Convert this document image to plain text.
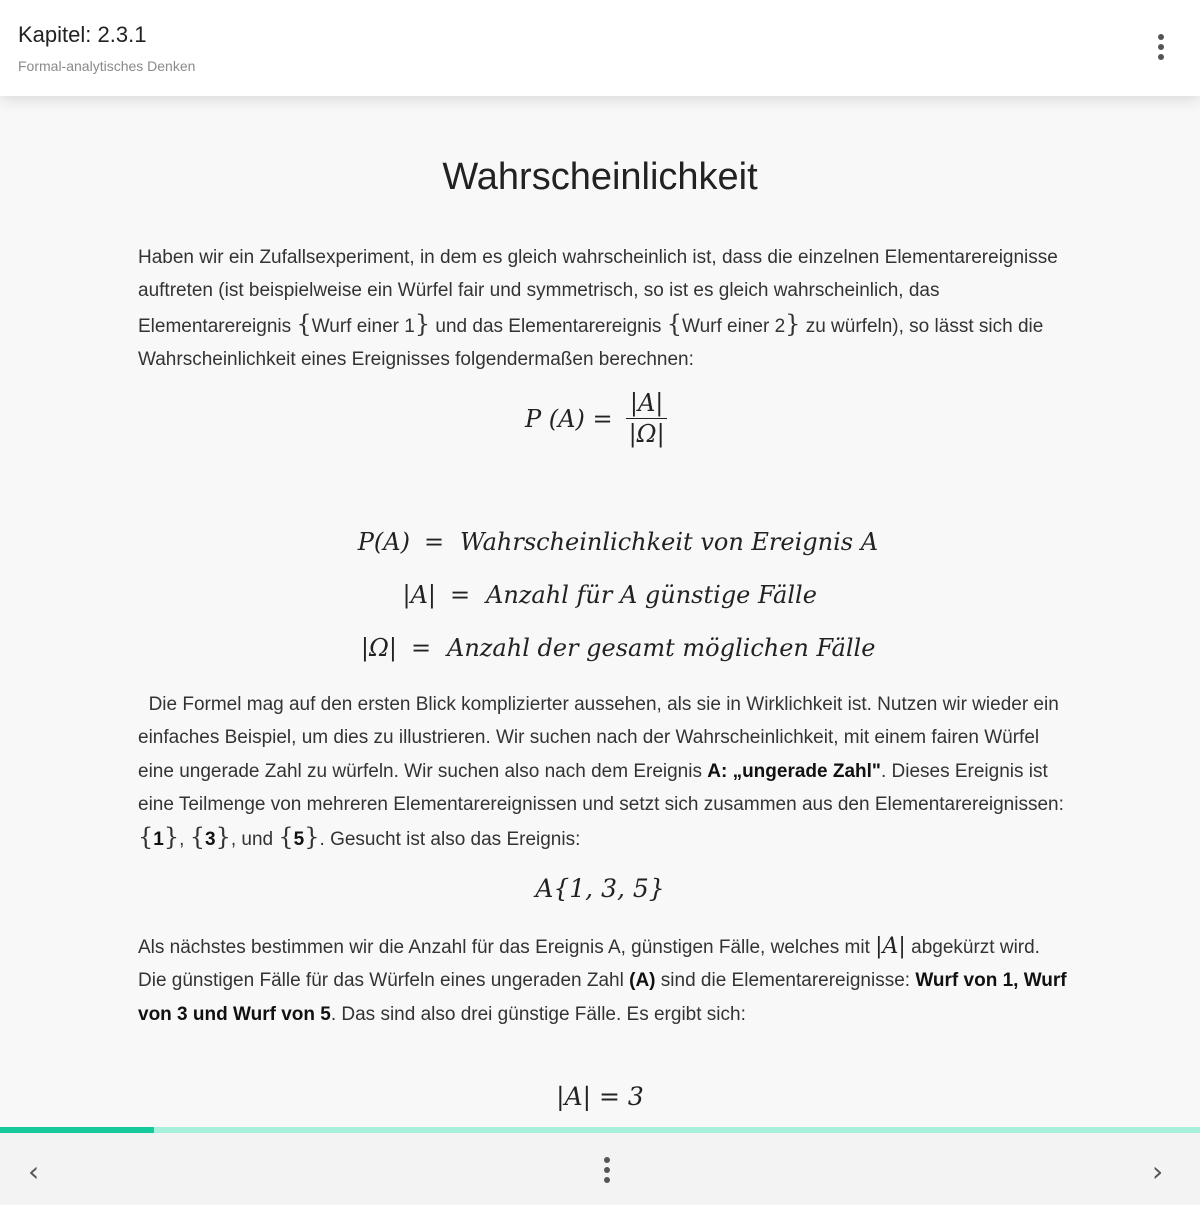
Kapitel: 2.3.1
Formal-analytisches Denken
Wahrscheinlichkeit
Haben wir ein Zufallsexperiment, in dem es gleich wahrscheinlich ist, dass die einzelnen Elementarereignisse auftreten (ist beispielweise ein Würfel fair und symmetrisch, so ist es gleich wahrscheinlich, das Elementarereignis {Wurf einer 1} und das Elementarereignis {Wurf einer 2} zu würfeln), so lässt sich die Wahrscheinlichkeit eines Ereignisses folgendermaßen berechnen:
P $(A) = \frac{|A|}{|\Omega|}$
P(A) = Wahrscheinlichkeit von Ereignis A
|A| = Anzahl für A günstige Fälle
|Ω| = Anzahl der gesamt möglichen Fälle
Die Formel mag auf den ersten Blick komplizierter aussehen, als sie in Wirklichkeit ist. Nutzen wir wieder ein einfaches Beispiel, um dies zu illustrieren. Wir suchen nach der Wahrscheinlichkeit, mit einem fairen Würfel eine ungerade Zahl zu würfeln. Wir suchen also nach dem Ereignis A: „ungerade Zahl". Dieses Ereignis ist eine Teilmenge von mehreren Elementarereignissen und setzt sich zusammen aus den Elementarereignissen: {1}, {3}, und {5}. Gesucht ist also das Ereignis:
A{1, 3, 5}
Als nächstes bestimmen wir die Anzahl für das Ereignis A, günstigen Fälle, welches mit |A| abgekürzt wird. Die günstigen Fälle für das Würfeln eines ungeraden Zahl (A) sind die Elementarereignisse: Wurf von 1, Wurf von 3 und Wurf von 5. Das sind also drei günstige Fälle. Es ergibt sich:
|A| = 3
‹	›
